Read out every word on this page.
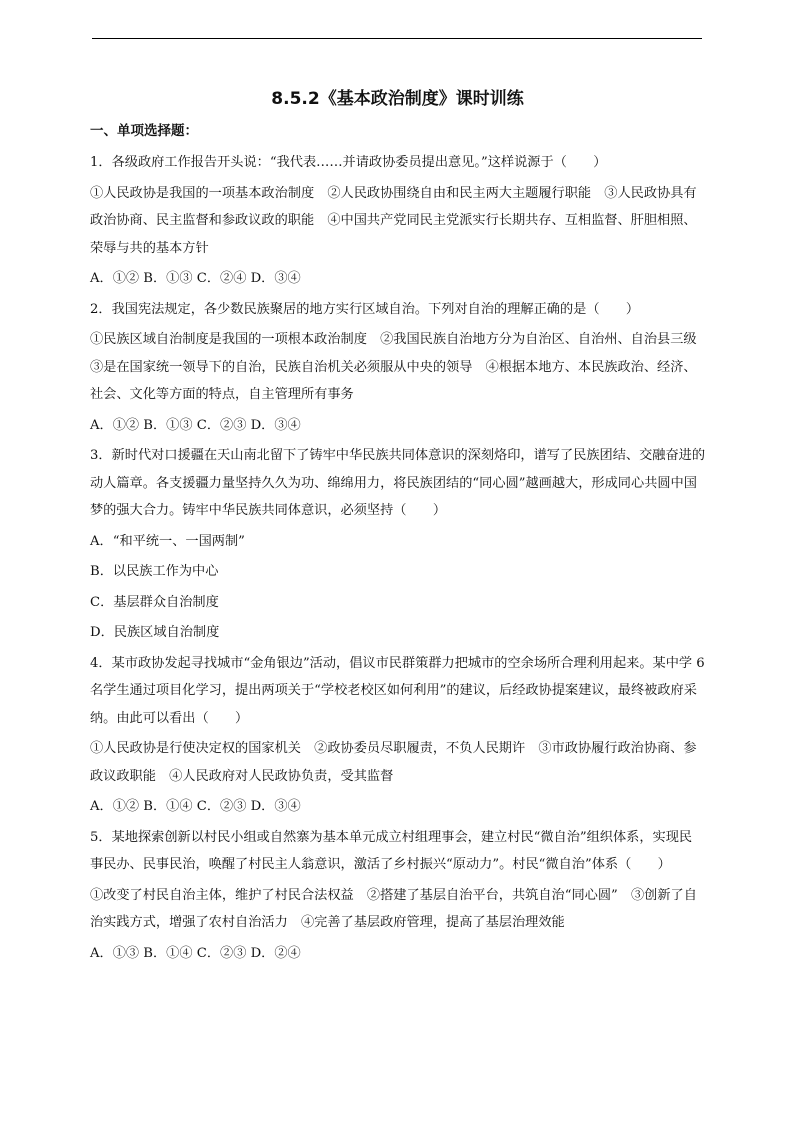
8.5.2《基本政治制度》课时训练
一、单项选择题：

1．各级政府工作报告开头说：“我代表……并请政协委员提出意见。”这样说源于（　　）

①人民政协是我国的一项基本政治制度　②人民政协围绕自由和民主两大主题履行职能　③人民政协具有政治协商、民主监督和参政议政的职能　④中国共产党同民主党派实行长期共存、互相监督、肝胆相照、荣辱与共的基本方针

A．①② B．①③ C．②④ D．③④

2．我国宪法规定，各少数民族聚居的地方实行区域自治。下列对自治的理解正确的是（　　）

①民族区域自治制度是我国的一项根本政治制度　②我国民族自治地方分为自治区、自治州、自治县三级　③是在国家统一领导下的自治，民族自治机关必须服从中央的领导　④根据本地方、本民族政治、经济、社会、文化等方面的特点，自主管理所有事务

A．①② B．①③ C．②③ D．③④

3．新时代对口援疆在天山南北留下了铸牢中华民族共同体意识的深刻烙印，谱写了民族团结、交融奋进的动人篇章。各支援疆力量坚持久久为功、绵绵用力，将民族团结的“同心圆”越画越大，形成同心共圆中国梦的强大合力。铸牢中华民族共同体意识，必须坚持（　　）

A．“和平统一、一国两制”

B．以民族工作为中心

C．基层群众自治制度

D．民族区域自治制度

4．某市政协发起寻找城市“金角银边”活动，倡议市民群策群力把城市的空余场所合理利用起来。某中学 6 名学生通过项目化学习，提出两项关于“学校老校区如何利用”的建议，后经政协提案建议，最终被政府采纳。由此可以看出（　　）

①人民政协是行使决定权的国家机关　②政协委员尽职履责，不负人民期许　③市政协履行政治协商、参政议政职能　④人民政府对人民政协负责，受其监督

A．①② B．①④ C．②③ D．③④

5．某地探索创新以村民小组或自然寨为基本单元成立村组理事会，建立村民“微自治”组织体系，实现民事民办、民事民治，唤醒了村民主人翁意识，激活了乡村振兴“原动力”。村民“微自治”体系（　　）

①改变了村民自治主体，维护了村民合法权益　②搭建了基层自治平台，共筑自治“同心圆”　③创新了自治实践方式，增强了农村自治活力　④完善了基层政府管理，提高了基层治理效能

A．①③ B．①④ C．②③ D．②④
